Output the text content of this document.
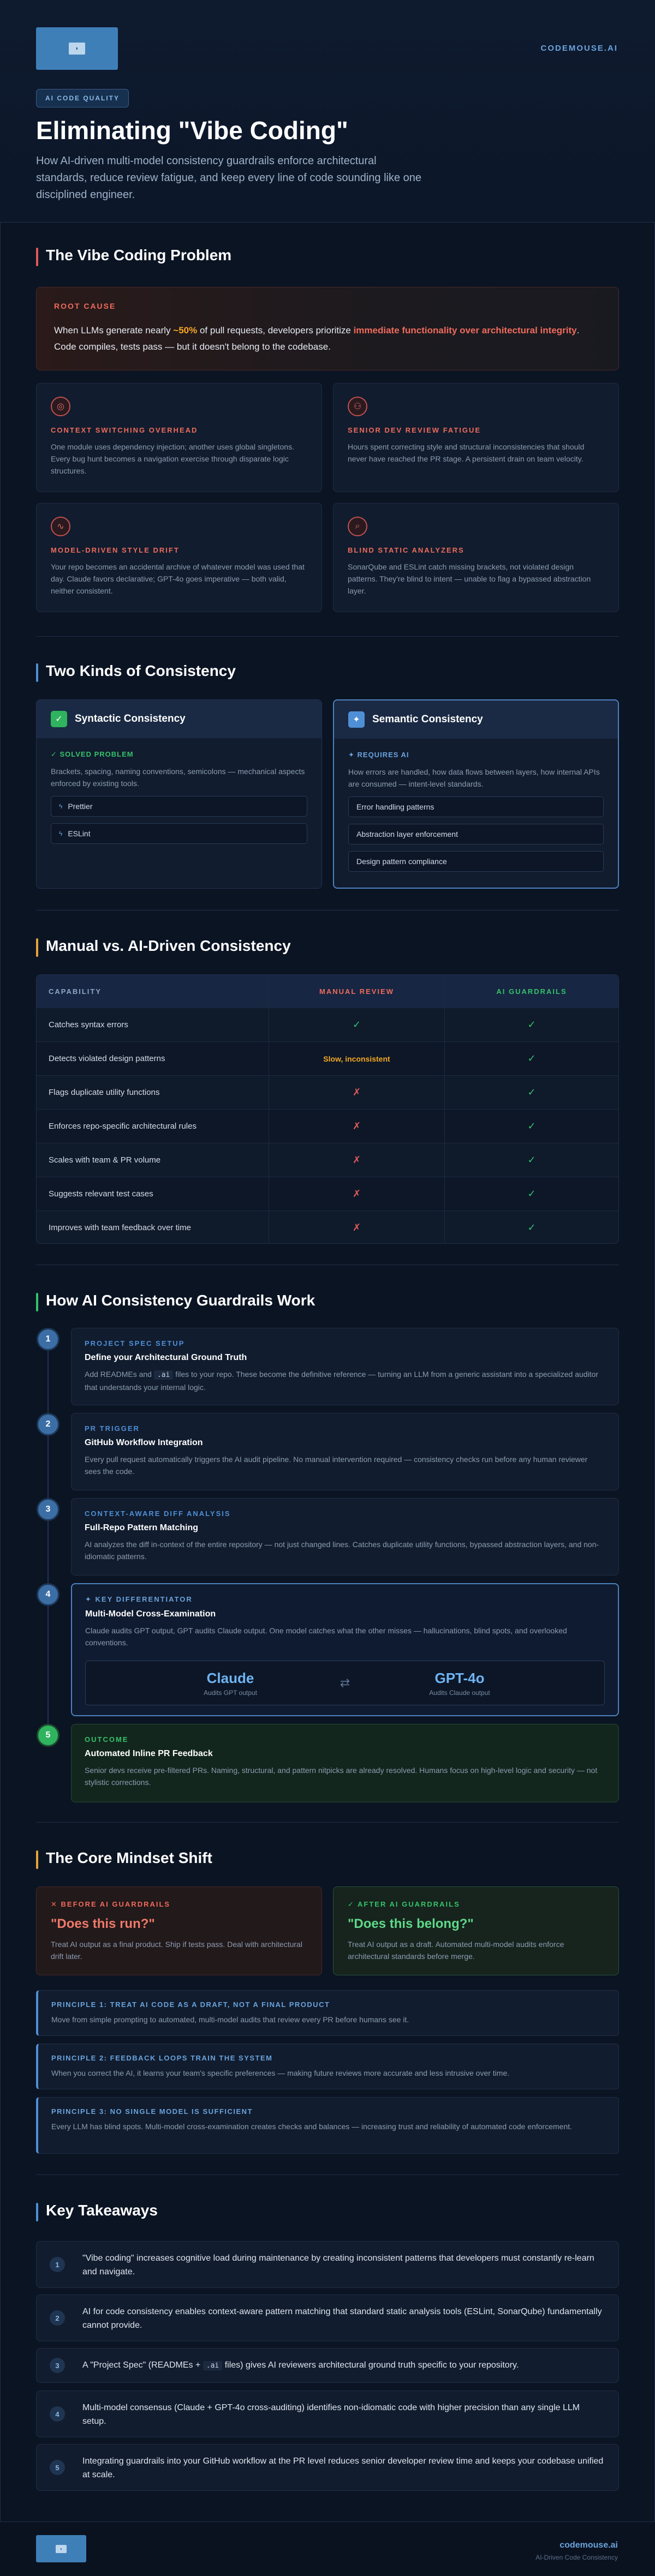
◗	CODEMOUSE.AI
AI CODE QUALITY
Eliminating "Vibe Coding"
How AI-driven multi-model consistency guardrails enforce architectural standards, reduce review fatigue, and keep every line of code sounding like one disciplined engineer.
The Vibe Coding Problem
ROOT CAUSE
When LLMs generate nearly ~50% of pull requests, developers prioritize immediate functionality over architectural integrity. Code compiles, tests pass — but it doesn't belong to the codebase.
◎
CONTEXT SWITCHING OVERHEAD
One module uses dependency injection; another uses global singletons. Every bug hunt becomes a navigation exercise through disparate logic structures.
⚇
SENIOR DEV REVIEW FATIGUE
Hours spent correcting style and structural inconsistencies that should never have reached the PR stage. A persistent drain on team velocity.
∿
MODEL-DRIVEN STYLE DRIFT
Your repo becomes an accidental archive of whatever model was used that day. Claude favors declarative; GPT-4o goes imperative — both valid, neither consistent.
⌕
BLIND STATIC ANALYZERS
SonarQube and ESLint catch missing brackets, not violated design patterns. They're blind to intent — unable to flag a bypassed abstraction layer.
Two Kinds of Consistency
✓	Syntactic Consistency
✓ SOLVED PROBLEM
Brackets, spacing, naming conventions, semicolons — mechanical aspects enforced by existing tools.
ϟ Prettier
ϟ ESLint
✦	Semantic Consistency
✦ REQUIRES AI
How errors are handled, how data flows between layers, how internal APIs are consumed — intent-level standards.
Error handling patterns
Abstraction layer enforcement
Design pattern compliance
Manual vs. AI-Driven Consistency
CAPABILITY	MANUAL REVIEW	AI GUARDRAILS
Catches syntax errors	✓	✓
Detects violated design patterns	Slow, inconsistent	✓
Flags duplicate utility functions	✗	✓
Enforces repo-specific architectural rules	✗	✓
Scales with team & PR volume	✗	✓
Suggests relevant test cases	✗	✓
Improves with team feedback over time	✗	✓
How AI Consistency Guardrails Work
1	PROJECT SPEC SETUP
Define your Architectural Ground Truth
Add READMEs and .ai files to your repo. These become the definitive reference — turning an LLM from a generic assistant into a specialized auditor that understands your internal logic.
2	PR TRIGGER
GitHub Workflow Integration
Every pull request automatically triggers the AI audit pipeline. No manual intervention required — consistency checks run before any human reviewer sees the code.
3	CONTEXT-AWARE DIFF ANALYSIS
Full-Repo Pattern Matching
AI analyzes the diff in-context of the entire repository — not just changed lines. Catches duplicate utility functions, bypassed abstraction layers, and non-idiomatic patterns.
4
✦ KEY DIFFERENTIATOR
Multi-Model Cross-Examination
Claude audits GPT output, GPT audits Claude output. One model catches what the other misses — hallucinations, blind spots, and overlooked conventions.
Claude
Audits GPT output
⇄	GPT-4o
Audits Claude output
5	OUTCOME
Automated Inline PR Feedback
Senior devs receive pre-filtered PRs. Naming, structural, and pattern nitpicks are already resolved. Humans focus on high-level logic and security — not stylistic corrections.
The Core Mindset Shift
✕ BEFORE AI GUARDRAILS
"Does this run?"
Treat AI output as a final product. Ship if tests pass. Deal with architectural drift later.
✓ AFTER AI GUARDRAILS
"Does this belong?"
Treat AI output as a draft. Automated multi-model audits enforce architectural standards before merge.
PRINCIPLE 1: TREAT AI CODE AS A DRAFT, NOT A FINAL PRODUCT
Move from simple prompting to automated, multi-model audits that review every PR before humans see it.
PRINCIPLE 2: FEEDBACK LOOPS TRAIN THE SYSTEM
When you correct the AI, it learns your team's specific preferences — making future reviews more accurate and less intrusive over time.
PRINCIPLE 3: NO SINGLE MODEL IS SUFFICIENT
Every LLM has blind spots. Multi-model cross-examination creates checks and balances — increasing trust and reliability of automated code enforcement.
Key Takeaways
1
"Vibe coding" increases cognitive load during maintenance by creating inconsistent patterns that developers must constantly re-learn and navigate.
2
AI for code consistency enables context-aware pattern matching that standard static analysis tools (ESLint, SonarQube) fundamentally cannot provide.
3	A "Project Spec" (READMEs + .ai files) gives AI reviewers architectural ground truth specific to your repository.
4
Multi-model consensus (Claude + GPT-4o cross-auditing) identifies non-idiomatic code with higher precision than any single LLM setup.
5
Integrating guardrails into your GitHub workflow at the PR level reduces senior developer review time and keeps your codebase unified at scale.
◗	codemouse.ai
AI-Driven Code Consistency
